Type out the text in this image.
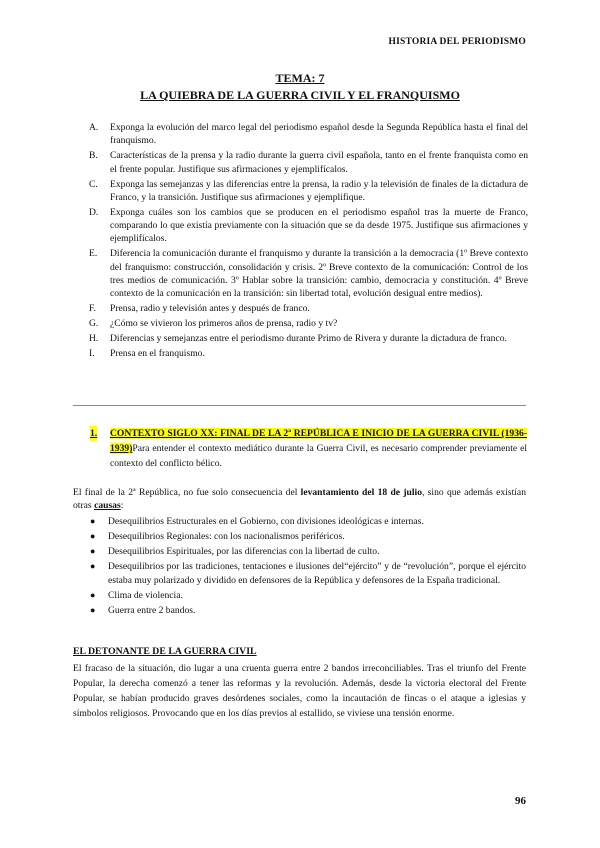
HISTORIA DEL PERIODISMO
TEMA: 7
LA QUIEBRA DE LA GUERRA CIVIL Y EL FRANQUISMO
A. Exponga la evolución del marco legal del periodismo español desde la Segunda República hasta el final del franquismo.
B. Características de la prensa y la radio durante la guerra civil española, tanto en el frente franquista como en el frente popular. Justifique sus afirmaciones y ejemplifícalos.
C. Exponga las semejanzas y las diferencias entre la prensa, la radio y la televisión de finales de la dictadura de Franco, y la transición. Justifique sus afirmaciones y ejemplifique.
D. Exponga cuáles son los cambios que se producen en el periodismo español tras la muerte de Franco, comparando lo que existía previamente con la situación que se da desde 1975. Justifique sus afirmaciones y ejemplifícalos.
E. Diferencia la comunicación durante el franquismo y durante la transición a la democracia (1º Breve contexto del franquismo: construcción, consolidación y crisis. 2º Breve contexto de la comunicación: Control de los tres medios de comunicación. 3º Hablar sobre la transición: cambio, democracia y constitución. 4º Breve contexto de la comunicación en la transición: sin libertad total, evolución desigual entre medios).
F. Prensa, radio y televisión antes y después de franco.
G. ¿Cómo se vivieron los primeros años de prensa, radio y tv?
H. Diferencias y semejanzas entre el periodismo durante Primo de Rivera y durante la dictadura de franco.
I. Prensa en el franquismo.
1. CONTEXTO SIGLO XX: FINAL DE LA 2ª REPÚBLICA E INICIO DE LA GUERRA CIVIL (1936-1939)Para entender el contexto mediático durante la Guerra Civil, es necesario comprender previamente el contexto del conflicto bélico.
El final de la 2ª República, no fue solo consecuencia del levantamiento del 18 de julio, sino que además existían otras causas:
● Desequilibrios Estructurales en el Gobierno, con divisiones ideológicas e internas.
● Desequilibrios Regionales: con los nacionalismos periféricos.
● Desequilibrios Espirituales, por las diferencias con la libertad de culto.
● Desequilibrios por las tradiciones, tentaciones e ilusiones del“ejército” y de “revolución”, porque el ejército estaba muy polarizado y dividido en defensores de la República y defensores de la España tradicional.
● Clima de violencia.
● Guerra entre 2 bandos.
EL DETONANTE DE LA GUERRA CIVIL
El fracaso de la situación, dio lugar a una cruenta guerra entre 2 bandos irreconciliables. Tras el triunfo del Frente Popular, la derecha comenzó a tener las reformas y la revolución. Además, desde la victoria electoral del Frente Popular, se habían producido graves desórdenes sociales, como la incautación de fincas o el ataque a iglesias y símbolos religiosos. Provocando que en los días previos al estallido, se viviese una tensión enorme.
96
